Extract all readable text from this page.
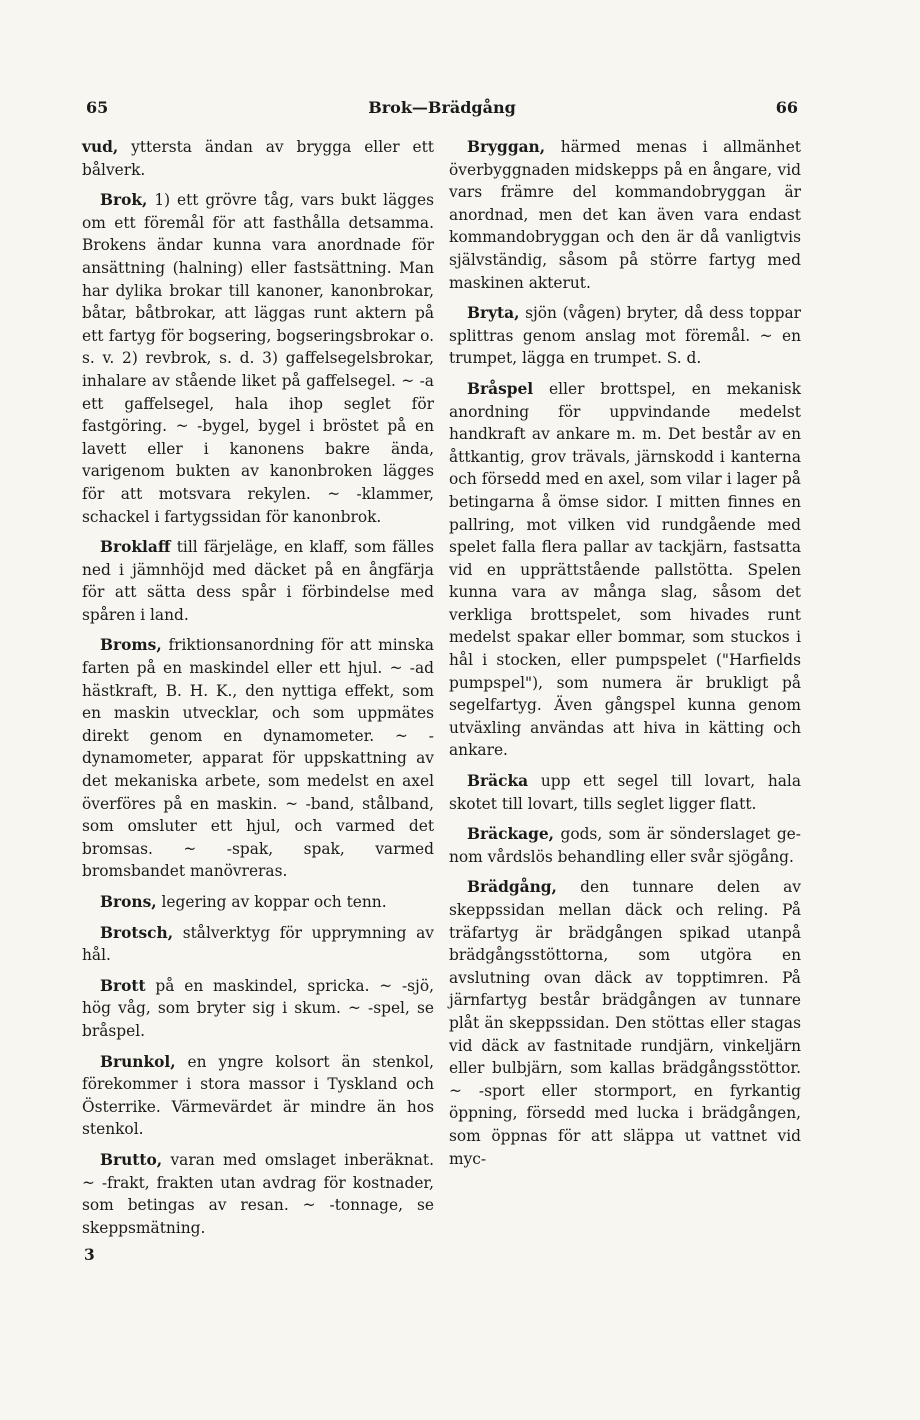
65	Brok—Brädgång	66

vud, yttersta ändan av brygga eller ett bålverk.

Brok, 1) ett grövre tåg, vars bukt lägges om ett föremål för att fasthålla detsamma. Brokens ändar kunna vara anordnade för ansättning (halning) eller fastsättning. Man har dylika brokar till kanoner, kanonbrokar, båtar, båtbrokar, att läggas runt aktern på ett fartyg för bogsering, bogseringsbrokar o. s. v. 2) revbrok, s. d. 3) gaffelsegelsbrokar, inhalare av stående liket på gaffelsegel. ~ -a ett gaffelsegel, hala ihop seglet för fastgöring. ~ -bygel, bygel i bröstet på en lavett eller i kanonens bakre ända, varigenom bukten av kanonbroken lägges för att motsvara rekylen. ~ -klammer, schackel i fartygssidan för kanonbrok.

Broklaff till färjeläge, en klaff, som fälles ned i jämnhöjd med däcket på en ångfärja för att sätta dess spår i förbindelse med spåren i land.

Broms, friktionsanordning för att minska farten på en maskindel eller ett hjul. ~ -ad hästkraft, B. H. K., den nyttiga effekt, som en maskin utvecklar, och som uppmätes direkt genom en dynamometer. ~ -dynamometer, apparat för uppskattning av det mekaniska arbete, som medelst en axel överföres på en maskin. ~ -band, stålband, som omsluter ett hjul, och varmed det bromsas. ~ -spak, spak, varmed bromsbandet manövreras.

Brons, legering av koppar och tenn.

Brotsch, stålverktyg för upprymning av hål.

Brott på en maskindel, spricka. ~ -sjö, hög våg, som bryter sig i skum. ~ -spel, se bråspel.

Brunkol, en yngre kolsort än stenkol, förekommer i stora massor i Tyskland och Österrike. Värmevärdet är mindre än hos stenkol.

Brutto, varan med omslaget inberäknat. ~ -frakt, frakten utan avdrag för kostnader, som betingas av resan. ~ -tonnage, se skeppsmätning.

Bryggan, härmed menas i allmänhet överbyggnaden midskepps på en ångare, vid vars främre del kommandobryggan är anordnad, men det kan även vara endast kommandobryggan och den är då vanligtvis självständig, såsom på större fartyg med maskinen akterut.

Bryta, sjön (vågen) bryter, då dess toppar splittras genom anslag mot föremål. ~ en trumpet, lägga en trumpet. S. d.

Bråspel eller brottspel, en mekanisk anordning för uppvindande medelst handkraft av ankare m. m. Det består av en åttkantig, grov trävals, järnskodd i kanterna och försedd med en axel, som vilar i lager på betingarna å ömse sidor. I mitten finnes en pallring, mot vilken vid rundgående med spelet falla flera pallar av tackjärn, fastsatta vid en upprättstående pallstötta. Spelen kunna vara av många slag, såsom det verkliga brottspelet, som hivades runt medelst spakar eller bommar, som stuckos i hål i stocken, eller pumpspelet ("Harfields pumpspel"), som numera är brukligt på segelfartyg. Även gångspel kunna genom utväxling användas att hiva in kätting och ankare.

Bräcka upp ett segel till lovart, hala skotet till lovart, tills seglet ligger flatt.

Bräckage, gods, som är sönderslaget genom vårdslös behandling eller svår sjögång.

Brädgång, den tunnare delen av skeppssidan mellan däck och reling. På träfartyg är brädgången spikad utanpå brädgångsstöttorna, som utgöra en avslutning ovan däck av topptimren. På järnfartyg består brädgången av tunnare plåt än skeppssidan. Den stöttas eller stagas vid däck av fastnitade rundjärn, vinkeljärn eller bulbjärn, som kallas brädgångsstöttor. ~ -sport eller stormport, en fyrkantig öppning, försedd med lucka i brädgången, som öppnas för att släppa ut vattnet vid myc-

3
